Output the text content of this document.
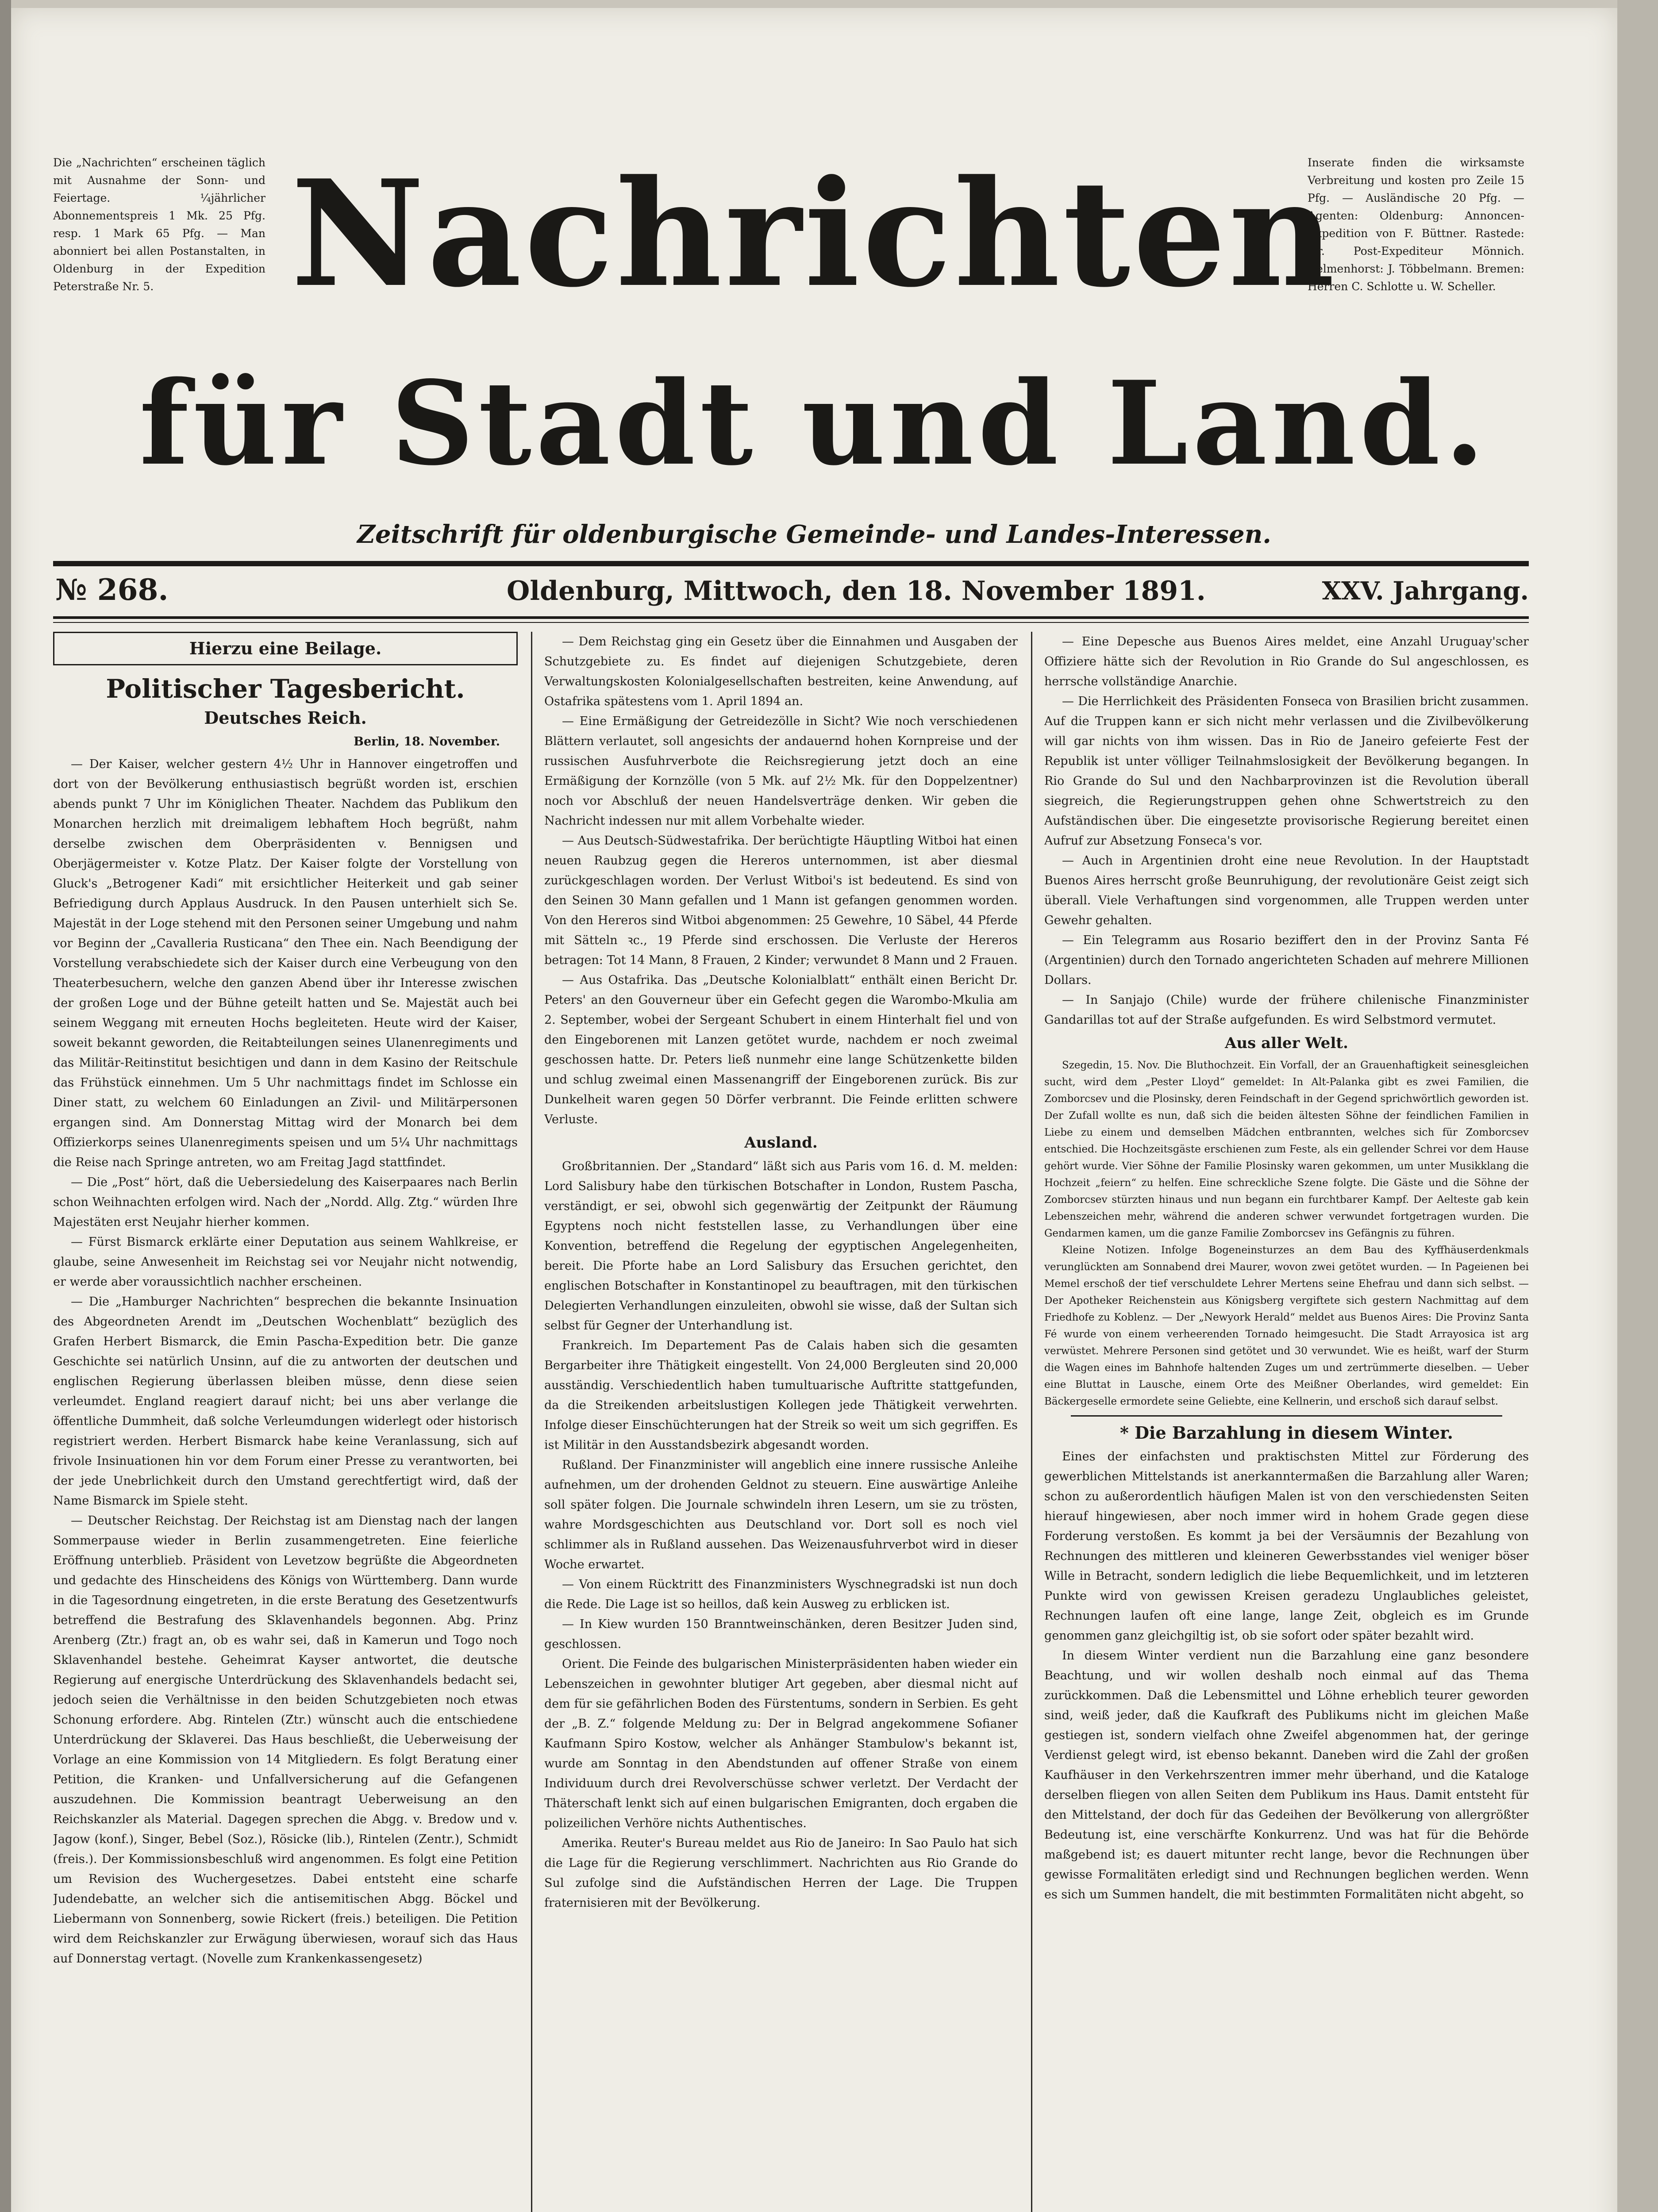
Die „Nachrichten“ erscheinen täglich mit Ausnahme der Sonn- und Feiertage. ¼jährlicher Abonnementspreis 1 Mk. 25 Pfg. resp. 1 Mark 65 Pfg. — Man abonniert bei allen Postanstalten, in Oldenburg in der Expedition Peterstraße Nr. 5.
Inserate finden die wirksamste Verbreitung und kosten pro Zeile 15 Pfg. — Ausländische 20 Pfg. — Agenten: Oldenburg: Annoncen-Expedition von F. Büttner. Rastede: Hr. Post-Expediteur Mönnich. Delmenhorst: J. Többelmann. Bremen: Herren C. Schlotte u. W. Scheller.
Nachrichten
für Stadt und Land.
Zeitschrift für oldenburgische Gemeinde- und Landes-Interessen.
№ 268.	Oldenburg, Mittwoch, den 18. November 1891.	XXV. Jahrgang.
Hierzu eine Beilage.
Politischer Tagesbericht.
Deutsches Reich.
Berlin, 18. November.

— Der Kaiser, welcher gestern 4½ Uhr in Hannover eingetroffen und dort von der Bevölkerung enthusiastisch begrüßt worden ist, erschien abends punkt 7 Uhr im Königlichen Theater. Nachdem das Publikum den Monarchen herzlich mit dreimaligem lebhaftem Hoch begrüßt, nahm derselbe zwischen dem Oberpräsidenten v. Bennigsen und Oberjägermeister v. Kotze Platz. Der Kaiser folgte der Vorstellung von Gluck's „Betrogener Kadi“ mit ersichtlicher Heiterkeit und gab seiner Befriedigung durch Applaus Ausdruck. In den Pausen unterhielt sich Se. Majestät in der Loge stehend mit den Personen seiner Umgebung und nahm vor Beginn der „Cavalleria Rusticana“ den Thee ein. Nach Beendigung der Vorstellung verabschiedete sich der Kaiser durch eine Verbeugung von den Theaterbesuchern, welche den ganzen Abend über ihr Interesse zwischen der großen Loge und der Bühne geteilt hatten und Se. Majestät auch bei seinem Weggang mit erneuten Hochs begleiteten. Heute wird der Kaiser, soweit bekannt geworden, die Reitabteilungen seines Ulanenregiments und das Militär-Reitinstitut besichtigen und dann in dem Kasino der Reitschule das Frühstück einnehmen. Um 5 Uhr nachmittags findet im Schlosse ein Diner statt, zu welchem 60 Einladungen an Zivil- und Militärpersonen ergangen sind. Am Donnerstag Mittag wird der Monarch bei dem Offizierkorps seines Ulanenregiments speisen und um 5¼ Uhr nachmittags die Reise nach Springe antreten, wo am Freitag Jagd stattfindet.

— Die „Post“ hört, daß die Uebersiedelung des Kaiserpaares nach Berlin schon Weihnachten erfolgen wird. Nach der „Nordd. Allg. Ztg.“ würden Ihre Majestäten erst Neujahr hierher kommen.

— Fürst Bismarck erklärte einer Deputation aus seinem Wahlkreise, er glaube, seine Anwesenheit im Reichstag sei vor Neujahr nicht notwendig, er werde aber voraussichtlich nachher erscheinen.

— Die „Hamburger Nachrichten“ besprechen die bekannte Insinuation des Abgeordneten Arendt im „Deutschen Wochenblatt“ bezüglich des Grafen Herbert Bismarck, die Emin Pascha-Expedition betr. Die ganze Geschichte sei natürlich Unsinn, auf die zu antworten der deutschen und englischen Regierung überlassen bleiben müsse, denn diese seien verleumdet. England reagiert darauf nicht; bei uns aber verlange die öffentliche Dummheit, daß solche Verleumdungen widerlegt oder historisch registriert werden. Herbert Bismarck habe keine Veranlassung, sich auf frivole Insinuationen hin vor dem Forum einer Presse zu verantworten, bei der jede Unebrlichkeit durch den Umstand gerechtfertigt wird, daß der Name Bismarck im Spiele steht.

— Deutscher Reichstag. Der Reichstag ist am Dienstag nach der langen Sommerpause wieder in Berlin zusammengetreten. Eine feierliche Eröffnung unterblieb. Präsident von Levetzow begrüßte die Abgeordneten und gedachte des Hinscheidens des Königs von Württemberg. Dann wurde in die Tagesordnung eingetreten, in die erste Beratung des Gesetzentwurfs betreffend die Bestrafung des Sklavenhandels begonnen. Abg. Prinz Arenberg (Ztr.) fragt an, ob es wahr sei, daß in Kamerun und Togo noch Sklavenhandel bestehe. Geheimrat Kayser antwortet, die deutsche Regierung auf energische Unterdrückung des Sklavenhandels bedacht sei, jedoch seien die Verhältnisse in den beiden Schutzgebieten noch etwas Schonung erfordere. Abg. Rintelen (Ztr.) wünscht auch die entschiedene Unterdrückung der Sklaverei. Das Haus beschließt, die Ueberweisung der Vorlage an eine Kommission von 14 Mitgliedern. Es folgt Beratung einer Petition, die Kranken- und Unfallversicherung auf die Gefangenen auszudehnen. Die Kommission beantragt Ueberweisung an den Reichskanzler als Material. Dagegen sprechen die Abgg. v. Bredow und v. Jagow (konf.), Singer, Bebel (Soz.), Rösicke (lib.), Rintelen (Zentr.), Schmidt (freis.). Der Kommissionsbeschluß wird angenommen. Es folgt eine Petition um Revision des Wuchergesetzes. Dabei entsteht eine scharfe Judendebatte, an welcher sich die antisemitischen Abgg. Böckel und Liebermann von Sonnenberg, sowie Rickert (freis.) beteiligen. Die Petition wird dem Reichskanzler zur Erwägung überwiesen, worauf sich das Haus auf Donnerstag vertagt. (Novelle zum Krankenkassengesetz)

— Dem Reichstag ging ein Gesetz über die Einnahmen und Ausgaben der Schutzgebiete zu. Es findet auf diejenigen Schutzgebiete, deren Verwaltungskosten Kolonialgesellschaften bestreiten, keine Anwendung, auf Ostafrika spätestens vom 1. April 1894 an.

— Eine Ermäßigung der Getreidezölle in Sicht? Wie noch verschiedenen Blättern verlautet, soll angesichts der andauernd hohen Kornpreise und der russischen Ausfuhrverbote die Reichsregierung jetzt doch an eine Ermäßigung der Kornzölle (von 5 Mk. auf 2½ Mk. für den Doppelzentner) noch vor Abschluß der neuen Handelsverträge denken. Wir geben die Nachricht indessen nur mit allem Vorbehalte wieder.

— Aus Deutsch-Südwestafrika. Der berüchtigte Häuptling Witboi hat einen neuen Raubzug gegen die Hereros unternommen, ist aber diesmal zurückgeschlagen worden. Der Verlust Witboi's ist bedeutend. Es sind von den Seinen 30 Mann gefallen und 1 Mann ist gefangen genommen worden. Von den Hereros sind Witboi abgenommen: 25 Gewehre, 10 Säbel, 44 Pferde mit Sätteln ꝛc., 19 Pferde sind erschossen. Die Verluste der Hereros betragen: Tot 14 Mann, 8 Frauen, 2 Kinder; verwundet 8 Mann und 2 Frauen.

— Aus Ostafrika. Das „Deutsche Kolonialblatt“ enthält einen Bericht Dr. Peters' an den Gouverneur über ein Gefecht gegen die Warombo-Mkulia am 2. September, wobei der Sergeant Schubert in einem Hinterhalt fiel und von den Eingeborenen mit Lanzen getötet wurde, nachdem er noch zweimal geschossen hatte. Dr. Peters ließ nunmehr eine lange Schützenkette bilden und schlug zweimal einen Massenangriff der Eingeborenen zurück. Bis zur Dunkelheit waren gegen 50 Dörfer verbrannt. Die Feinde erlitten schwere Verluste.

Ausland.

Großbritannien. Der „Standard“ läßt sich aus Paris vom 16. d. M. melden: Lord Salisbury habe den türkischen Botschafter in London, Rustem Pascha, verständigt, er sei, obwohl sich gegenwärtig der Zeitpunkt der Räumung Egyptens noch nicht feststellen lasse, zu Verhandlungen über eine Konvention, betreffend die Regelung der egyptischen Angelegenheiten, bereit. Die Pforte habe an Lord Salisbury das Ersuchen gerichtet, den englischen Botschafter in Konstantinopel zu beauftragen, mit den türkischen Delegierten Verhandlungen einzuleiten, obwohl sie wisse, daß der Sultan sich selbst für Gegner der Unterhandlung ist.

Frankreich. Im Departement Pas de Calais haben sich die gesamten Bergarbeiter ihre Thätigkeit eingestellt. Von 24,000 Bergleuten sind 20,000 ausständig. Verschiedentlich haben tumultuarische Auftritte stattgefunden, da die Streikenden arbeitslustigen Kollegen jede Thätigkeit verwehrten. Infolge dieser Einschüchterungen hat der Streik so weit um sich gegriffen. Es ist Militär in den Ausstandsbezirk abgesandt worden.

Rußland. Der Finanzminister will angeblich eine innere russische Anleihe aufnehmen, um der drohenden Geldnot zu steuern. Eine auswärtige Anleihe soll später folgen. Die Journale schwindeln ihren Lesern, um sie zu trösten, wahre Mordsgeschichten aus Deutschland vor. Dort soll es noch viel schlimmer als in Rußland aussehen. Das Weizenausfuhrverbot wird in dieser Woche erwartet.

— Von einem Rücktritt des Finanzministers Wyschnegradski ist nun doch die Rede. Die Lage ist so heillos, daß kein Ausweg zu erblicken ist.

— In Kiew wurden 150 Branntweinschänken, deren Besitzer Juden sind, geschlossen.

Orient. Die Feinde des bulgarischen Ministerpräsidenten haben wieder ein Lebenszeichen in gewohnter blutiger Art gegeben, aber diesmal nicht auf dem für sie gefährlichen Boden des Fürstentums, sondern in Serbien. Es geht der „B. Z.“ folgende Meldung zu: Der in Belgrad angekommene Sofianer Kaufmann Spiro Kostow, welcher als Anhänger Stambulow's bekannt ist, wurde am Sonntag in den Abendstunden auf offener Straße von einem Individuum durch drei Revolverschüsse schwer verletzt. Der Verdacht der Thäterschaft lenkt sich auf einen bulgarischen Emigranten, doch ergaben die polizeilichen Verhöre nichts Authentisches.

Amerika. Reuter's Bureau meldet aus Rio de Janeiro: In Sao Paulo hat sich die Lage für die Regierung verschlimmert. Nachrichten aus Rio Grande do Sul zufolge sind die Aufständischen Herren der Lage. Die Truppen fraternisieren mit der Bevölkerung.

— Eine Depesche aus Buenos Aires meldet, eine Anzahl Uruguay'scher Offiziere hätte sich der Revolution in Rio Grande do Sul angeschlossen, es herrsche vollständige Anarchie.

— Die Herrlichkeit des Präsidenten Fonseca von Brasilien bricht zusammen. Auf die Truppen kann er sich nicht mehr verlassen und die Zivilbevölkerung will gar nichts von ihm wissen. Das in Rio de Janeiro gefeierte Fest der Republik ist unter völliger Teilnahmslosigkeit der Bevölkerung begangen. In Rio Grande do Sul und den Nachbarprovinzen ist die Revolution überall siegreich, die Regierungstruppen gehen ohne Schwertstreich zu den Aufständischen über. Die eingesetzte provisorische Regierung bereitet einen Aufruf zur Absetzung Fonseca's vor.

— Auch in Argentinien droht eine neue Revolution. In der Hauptstadt Buenos Aires herrscht große Beunruhigung, der revolutionäre Geist zeigt sich überall. Viele Verhaftungen sind vorgenommen, alle Truppen werden unter Gewehr gehalten.

— Ein Telegramm aus Rosario beziffert den in der Provinz Santa Fé (Argentinien) durch den Tornado angerichteten Schaden auf mehrere Millionen Dollars.

— In Sanjajo (Chile) wurde der frühere chilenische Finanzminister Gandarillas tot auf der Straße aufgefunden. Es wird Selbstmord vermutet.

Aus aller Welt.

Szegedin, 15. Nov. Die Bluthochzeit. Ein Vorfall, der an Grauenhaftigkeit seinesgleichen sucht, wird dem „Pester Lloyd“ gemeldet: In Alt-Palanka gibt es zwei Familien, die Zomborcsev und die Plosinsky, deren Feindschaft in der Gegend sprichwörtlich geworden ist. Der Zufall wollte es nun, daß sich die beiden ältesten Söhne der feindlichen Familien in Liebe zu einem und demselben Mädchen entbrannten, welches sich für Zomborcsev entschied. Die Hochzeitsgäste erschienen zum Feste, als ein gellender Schrei vor dem Hause gehört wurde. Vier Söhne der Familie Plosinsky waren gekommen, um unter Musikklang die Hochzeit „feiern“ zu helfen. Eine schreckliche Szene folgte. Die Gäste und die Söhne der Zomborcsev stürzten hinaus und nun begann ein furchtbarer Kampf. Der Aelteste gab kein Lebenszeichen mehr, während die anderen schwer verwundet fortgetragen wurden. Die Gendarmen kamen, um die ganze Familie Zomborcsev ins Gefängnis zu führen.

Kleine Notizen. Infolge Bogeneinsturzes an dem Bau des Kyffhäuserdenkmals verunglückten am Sonnabend drei Maurer, wovon zwei getötet wurden. — In Pageienen bei Memel erschoß der tief verschuldete Lehrer Mertens seine Ehefrau und dann sich selbst. — Der Apotheker Reichenstein aus Königsberg vergiftete sich gestern Nachmittag auf dem Friedhofe zu Koblenz. — Der „Newyork Herald“ meldet aus Buenos Aires: Die Provinz Santa Fé wurde von einem verheerenden Tornado heimgesucht. Die Stadt Arrayosica ist arg verwüstet. Mehrere Personen sind getötet und 30 verwundet. Wie es heißt, warf der Sturm die Wagen eines im Bahnhofe haltenden Zuges um und zertrümmerte dieselben. — Ueber eine Bluttat in Lausche, einem Orte des Meißner Oberlandes, wird gemeldet: Ein Bäckergeselle ermordete seine Geliebte, eine Kellnerin, und erschoß sich darauf selbst.

* Die Barzahlung in diesem Winter.

Eines der einfachsten und praktischsten Mittel zur Förderung des gewerblichen Mittelstands ist anerkanntermaßen die Barzahlung aller Waren; schon zu außerordentlich häufigen Malen ist von den verschiedensten Seiten hierauf hingewiesen, aber noch immer wird in hohem Grade gegen diese Forderung verstoßen. Es kommt ja bei der Versäumnis der Bezahlung von Rechnungen des mittleren und kleineren Gewerbsstandes viel weniger böser Wille in Betracht, sondern lediglich die liebe Bequemlichkeit, und im letzteren Punkte wird von gewissen Kreisen geradezu Unglaubliches geleistet, Rechnungen laufen oft eine lange, lange Zeit, obgleich es im Grunde genommen ganz gleichgiltig ist, ob sie sofort oder später bezahlt wird.

In diesem Winter verdient nun die Barzahlung eine ganz besondere Beachtung, und wir wollen deshalb noch einmal auf das Thema zurückkommen. Daß die Lebensmittel und Löhne erheblich teurer geworden sind, weiß jeder, daß die Kaufkraft des Publikums nicht im gleichen Maße gestiegen ist, sondern vielfach ohne Zweifel abgenommen hat, der geringe Verdienst gelegt wird, ist ebenso bekannt. Daneben wird die Zahl der großen Kaufhäuser in den Verkehrszentren immer mehr überhand, und die Kataloge derselben fliegen von allen Seiten dem Publikum ins Haus. Damit entsteht für den Mittelstand, der doch für das Gedeihen der Bevölkerung von allergrößter Bedeutung ist, eine verschärfte Konkurrenz. Und was hat für die Behörde maßgebend ist; es dauert mitunter recht lange, bevor die Rechnungen über gewisse Formalitäten erledigt sind und Rechnungen beglichen werden. Wenn es sich um Summen handelt, die mit bestimmten Formalitäten nicht abgeht, so
